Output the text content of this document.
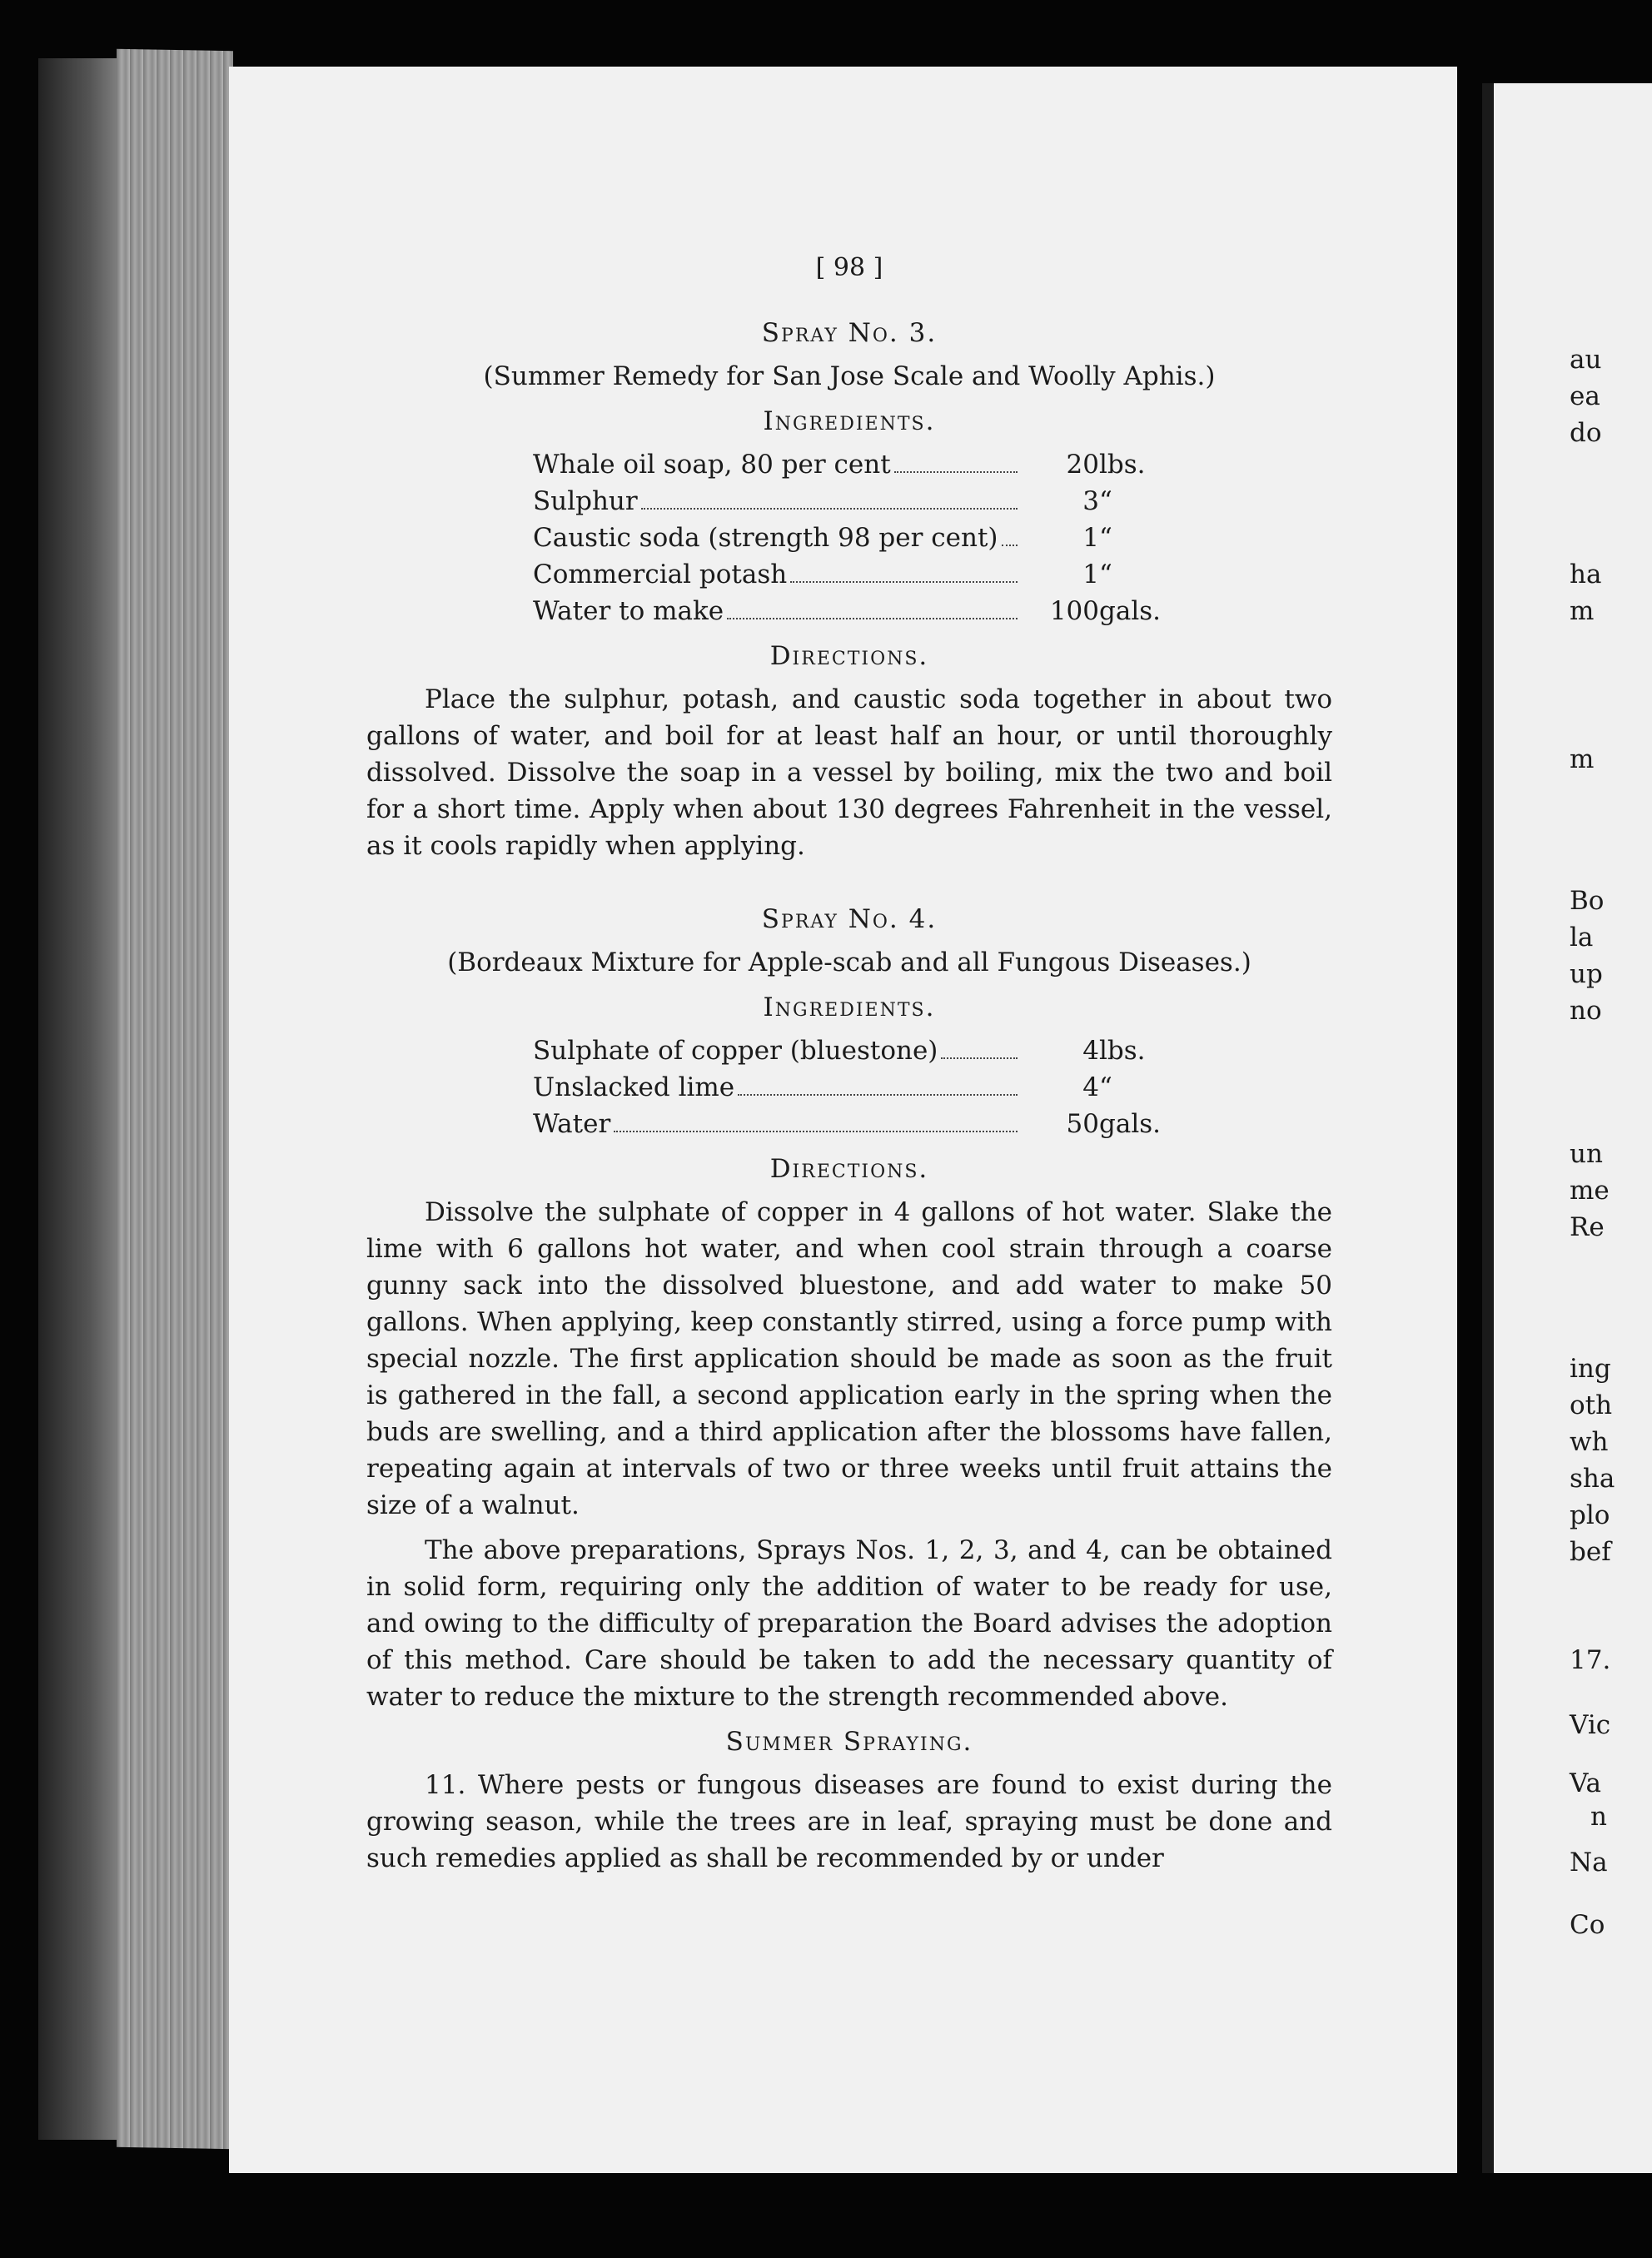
[ 98 ]
Spray No. 3.
(Summer Remedy for San Jose Scale and Woolly Aphis.)
Ingredients.
Whale oil soap, 80 per cent	20	lbs.

Sulphur	3	“

Caustic soda (strength 98 per cent)	1	“

Commercial potash	1	“

Water to make	100	gals.
Directions.

Place the sulphur, potash, and caustic soda together in about two gallons of water, and boil for at least half an hour, or until thoroughly dissolved. Dissolve the soap in a vessel by boiling, mix the two and boil for a short time. Apply when about 130 degrees Fahrenheit in the vessel, as it cools rapidly when applying.

Spray No. 4.
(Bordeaux Mixture for Apple-scab and all Fungous Diseases.)
Ingredients.
Sulphate of copper (bluestone)	4	lbs.

Unslacked lime	4	“

Water	50	gals.
Directions.

Dissolve the sulphate of copper in 4 gallons of hot water. Slake the lime with 6 gallons hot water, and when cool strain through a coarse gunny sack into the dissolved bluestone, and add water to make 50 gallons. When applying, keep constantly stirred, using a force pump with special nozzle. The first application should be made as soon as the fruit is gathered in the fall, a second application early in the spring when the buds are swelling, and a third application after the blossoms have fallen, repeating again at intervals of two or three weeks until fruit attains the size of a walnut.

The above preparations, Sprays Nos. 1, 2, 3, and 4, can be obtained in solid form, requiring only the addition of water to be ready for use, and owing to the difficulty of preparation the Board advises the adoption of this method. Care should be taken to add the necessary quantity of water to reduce the mixture to the strength recommended above.

Summer Spraying.

11. Where pests or fungous diseases are found to exist during the growing season, while the trees are in leaf, spraying must be done and such remedies applied as shall be recommended by or under

au
ea
do
ha
m
m
Bo
la
up
no
un
me
Re
ing
oth
wh
sha
plo
bef
17.
Vic
Va
n
Na
Co
